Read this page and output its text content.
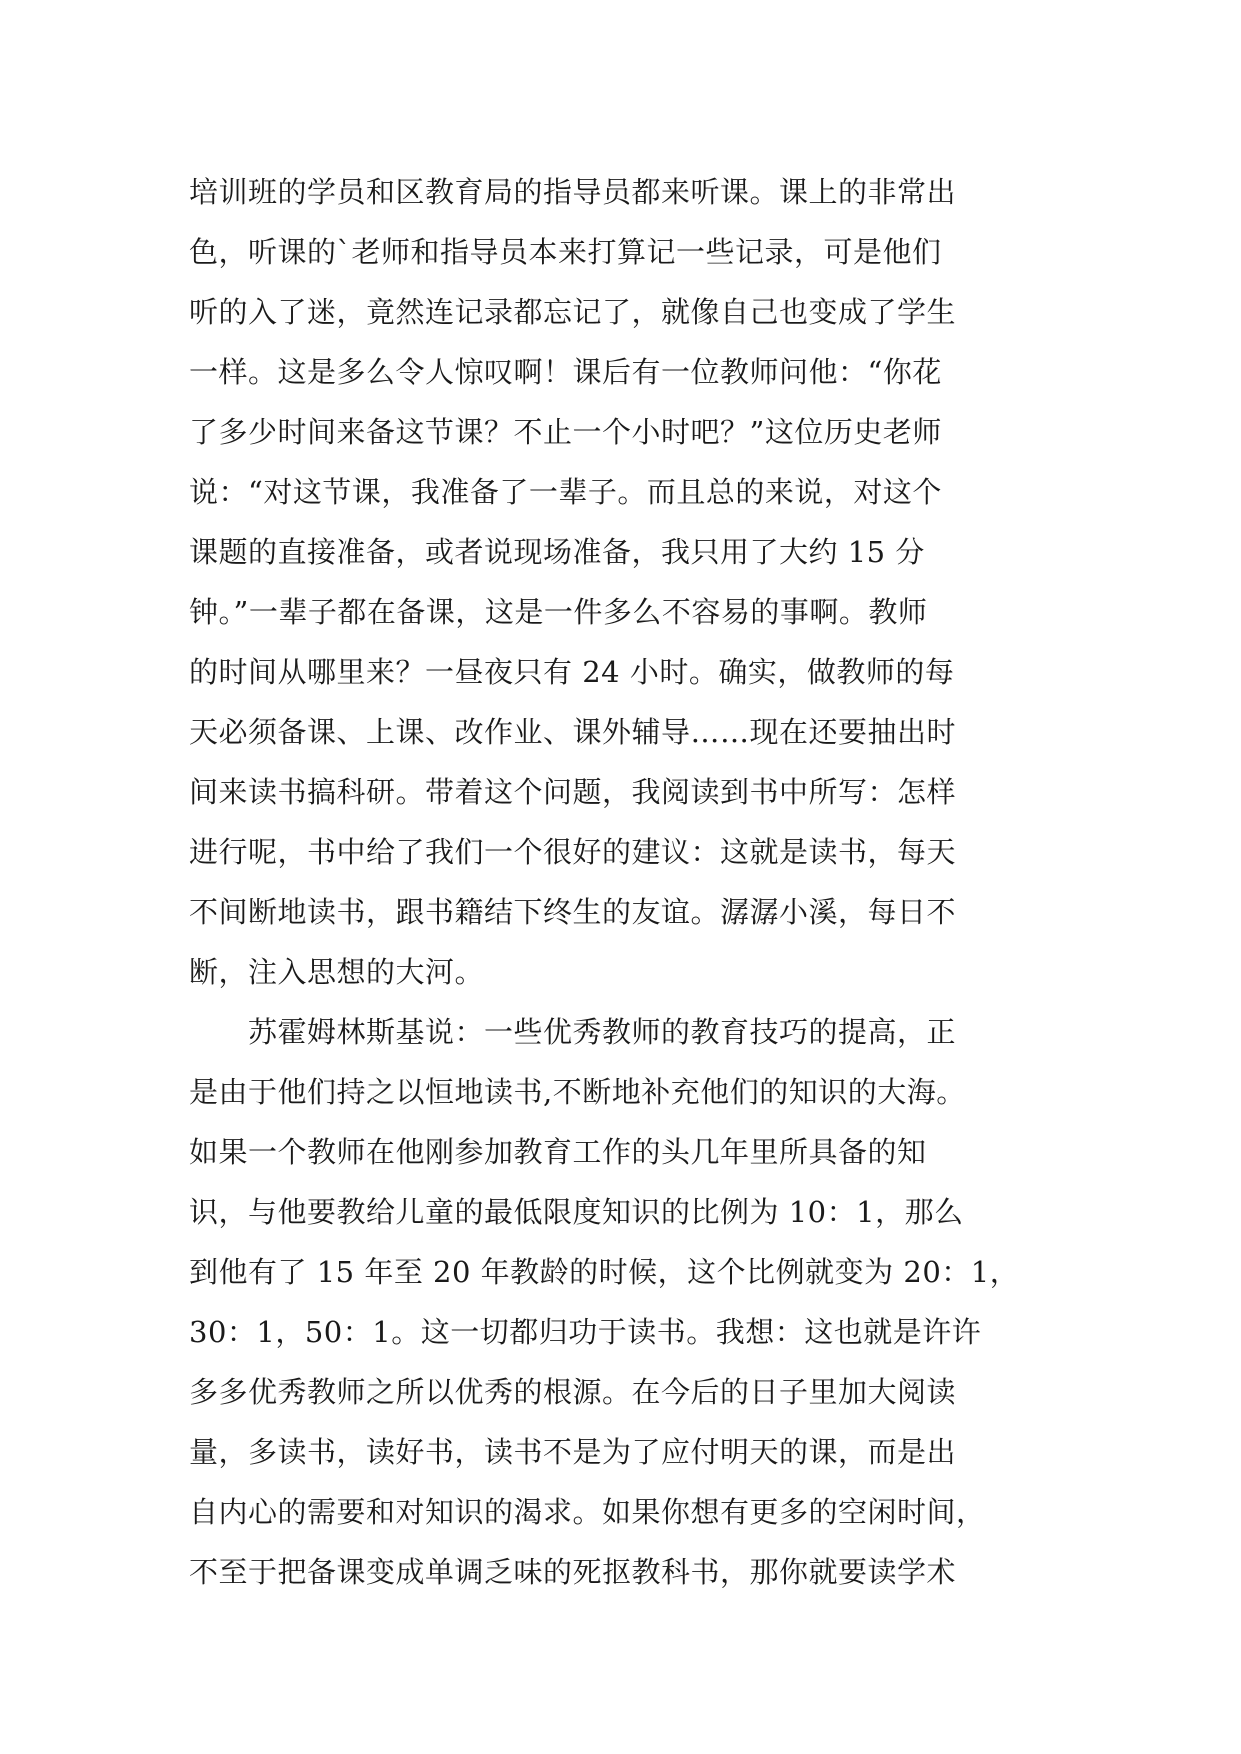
培训班的学员和区教育局的指导员都来听课。课上的非常出
色，听课的`老师和指导员本来打算记一些记录，可是他们
听的入了迷，竟然连记录都忘记了，就像自己也变成了学生
一样。这是多么令人惊叹啊！课后有一位教师问他：“你花
了多少时间来备这节课？不止一个小时吧？”这位历史老师
说：“对这节课，我准备了一辈子。而且总的来说，对这个
课题的直接准备，或者说现场准备，我只用了大约 15 分
钟。”一辈子都在备课，这是一件多么不容易的事啊。教师
的时间从哪里来？一昼夜只有 24 小时。确实，做教师的每
天必须备课、上课、改作业、课外辅导……现在还要抽出时
间来读书搞科研。带着这个问题，我阅读到书中所写：怎样
进行呢，书中给了我们一个很好的建议：这就是读书，每天
不间断地读书，跟书籍结下终生的友谊。潺潺小溪，每日不
断，注入思想的大河。
　　苏霍姆林斯基说：一些优秀教师的教育技巧的提高，正
是由于他们持之以恒地读书,不断地补充他们的知识的大海。
如果一个教师在他刚参加教育工作的头几年里所具备的知
识，与他要教给儿童的最低限度知识的比例为 10：1，那么
到他有了 15 年至 20 年教龄的时候，这个比例就变为 20：1，
30：1，50：1。这一切都归功于读书。我想：这也就是许许
多多优秀教师之所以优秀的根源。在今后的日子里加大阅读
量，多读书，读好书，读书不是为了应付明天的课，而是出
自内心的需要和对知识的渴求。如果你想有更多的空闲时间，
不至于把备课变成单调乏味的死抠教科书，那你就要读学术
